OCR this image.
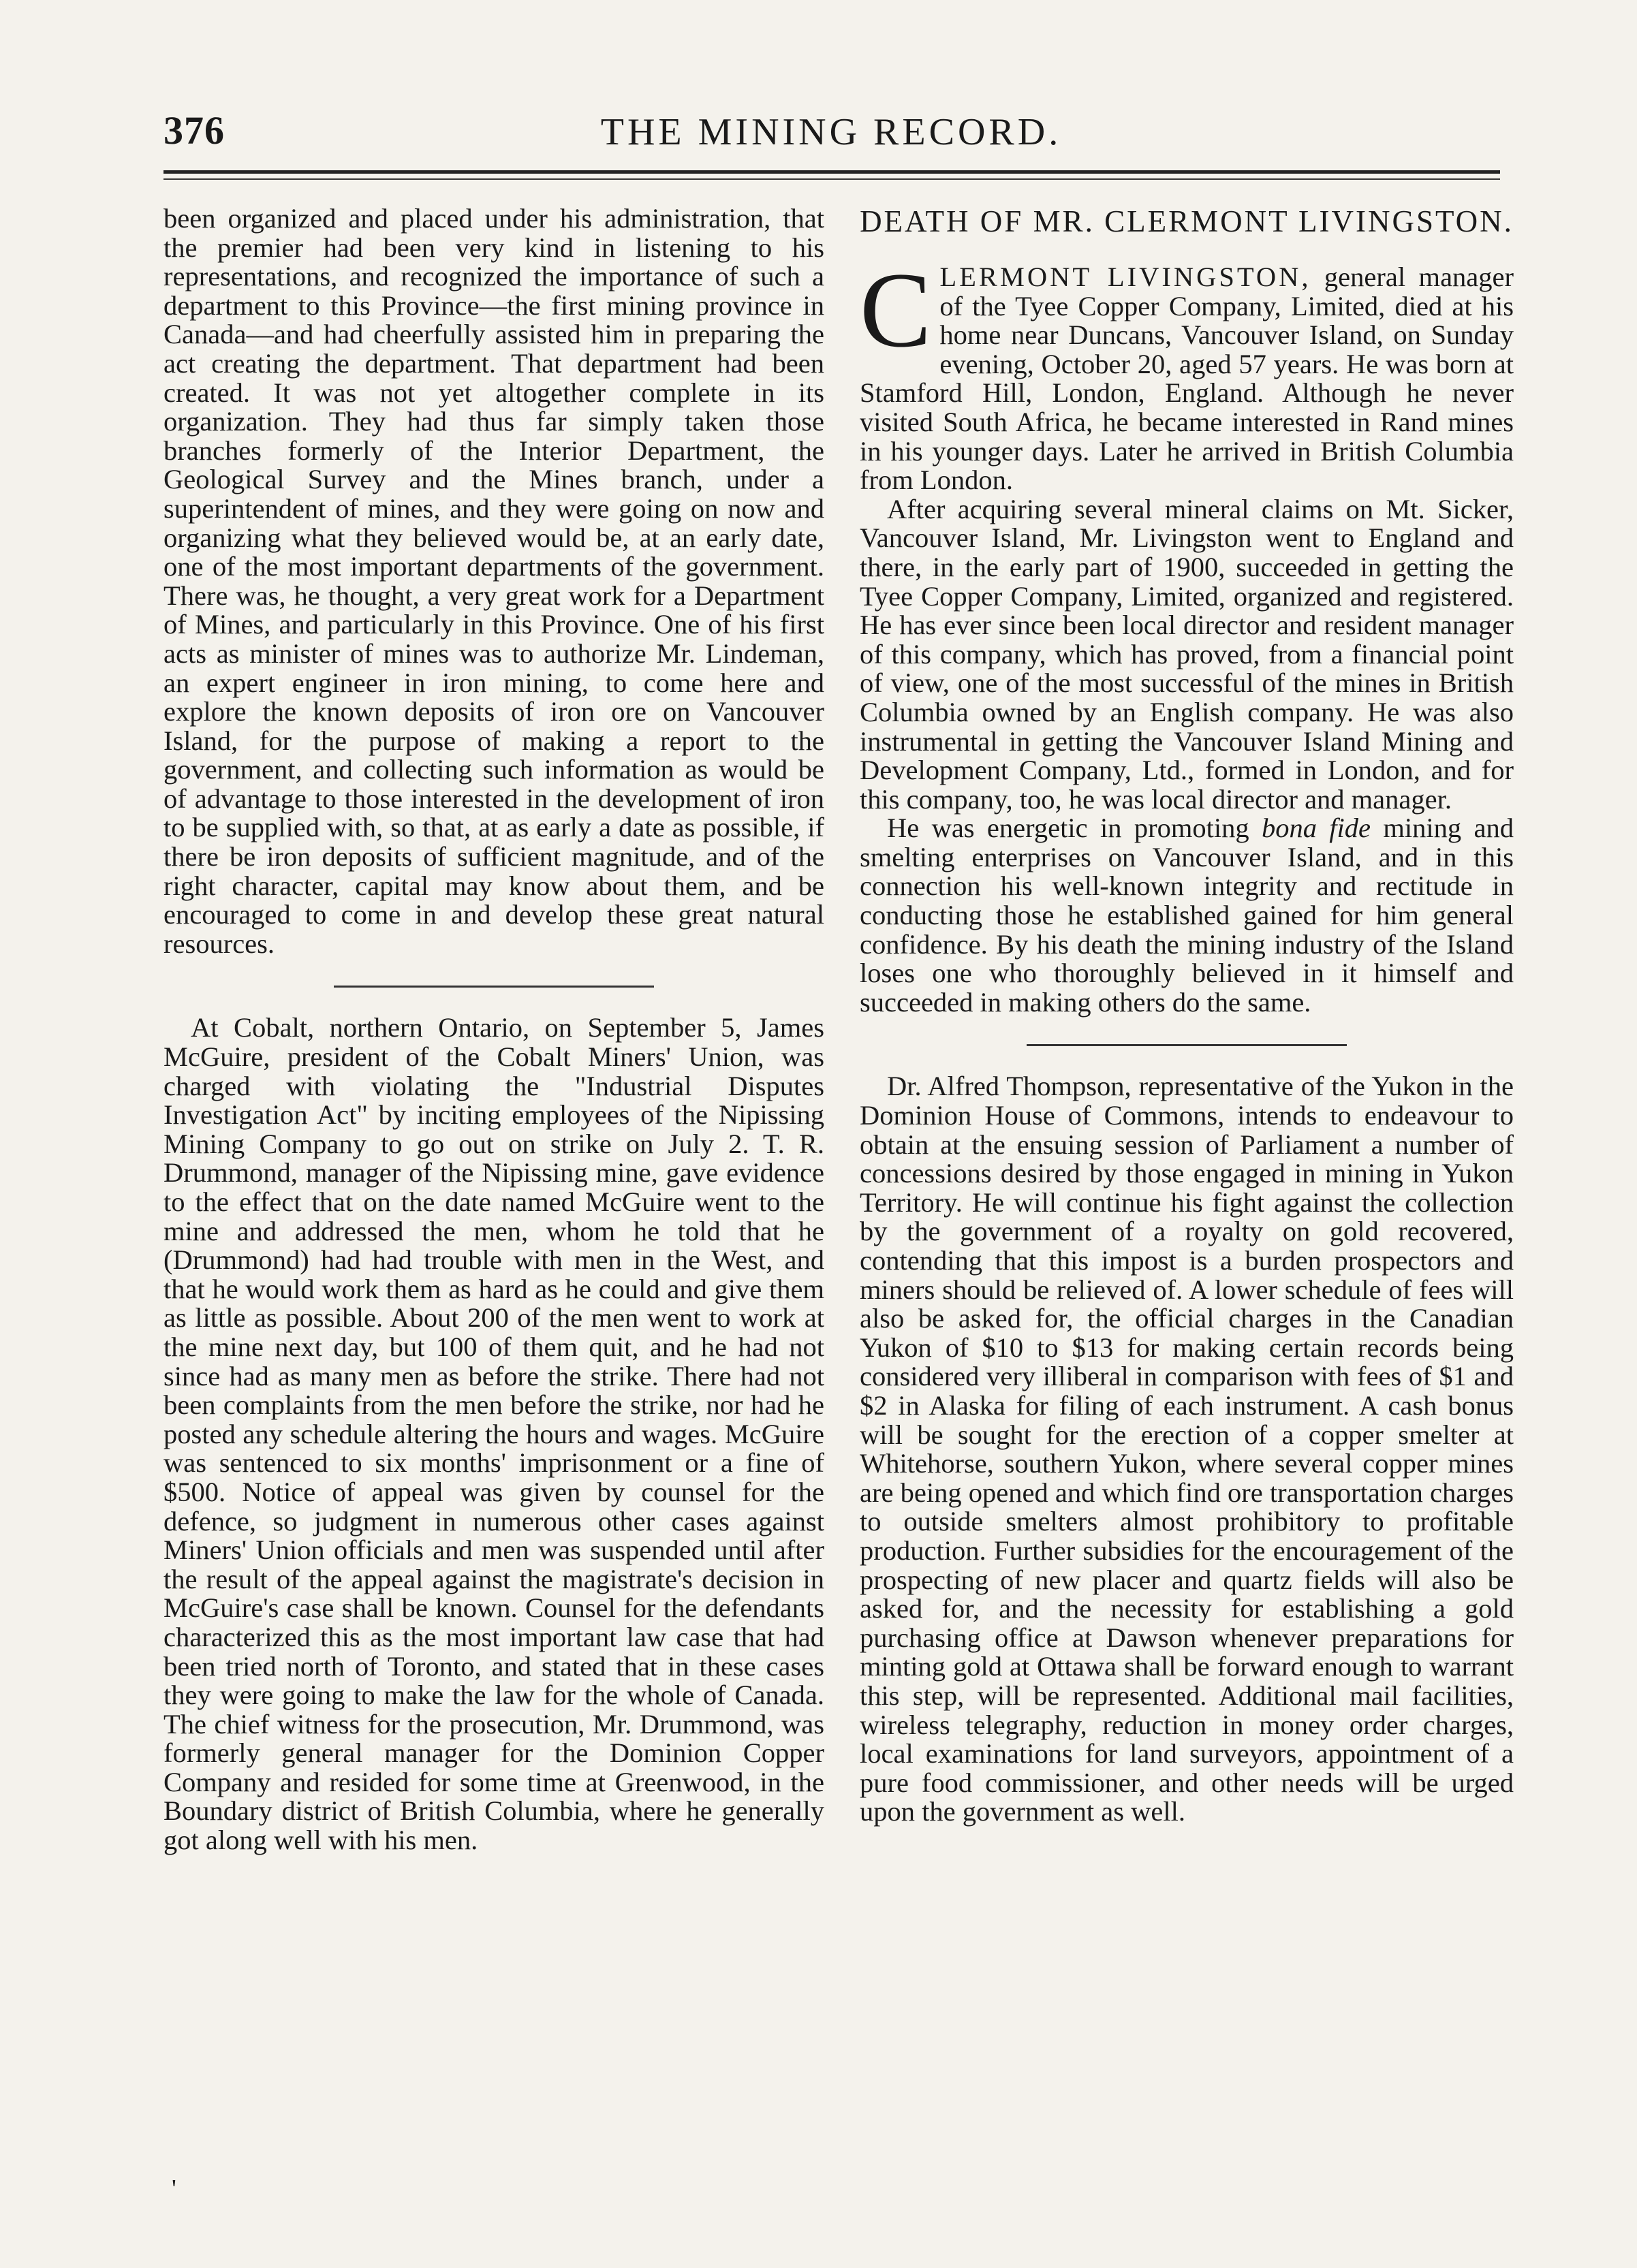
376	THE MINING RECORD.

been organized and placed under his administration, that the premier had been very kind in listening to his representations, and recognized the importance of such a department to this Province—the first mining province in Canada—and had cheerfully assisted him in preparing the act creating the department. That department had been created. It was not yet altogether complete in its organization. They had thus far simply taken those branches formerly of the Interior Department, the Geological Survey and the Mines branch, under a superintendent of mines, and they were going on now and organizing what they believed would be, at an early date, one of the most important departments of the government. There was, he thought, a very great work for a Department of Mines, and particularly in this Province. One of his first acts as minister of mines was to authorize Mr. Lindeman, an expert engineer in iron mining, to come here and explore the known deposits of iron ore on Vancouver Island, for the purpose of making a report to the government, and collecting such information as would be of advantage to those interested in the development of iron to be supplied with, so that, at as early a date as possible, if there be iron deposits of sufficient magnitude, and of the right character, capital may know about them, and be encouraged to come in and develop these great natural resources.

At Cobalt, northern Ontario, on September 5, James McGuire, president of the Cobalt Miners' Union, was charged with violating the "Industrial Disputes Investigation Act" by inciting employees of the Nipissing Mining Company to go out on strike on July 2. T. R. Drummond, manager of the Nipissing mine, gave evidence to the effect that on the date named McGuire went to the mine and addressed the men, whom he told that he (Drummond) had had trouble with men in the West, and that he would work them as hard as he could and give them as little as possible. About 200 of the men went to work at the mine next day, but 100 of them quit, and he had not since had as many men as before the strike. There had not been complaints from the men before the strike, nor had he posted any schedule altering the hours and wages. McGuire was sentenced to six months' imprisonment or a fine of $500. Notice of appeal was given by counsel for the defence, so judgment in numerous other cases against Miners' Union officials and men was suspended until after the result of the appeal against the magistrate's decision in McGuire's case shall be known. Counsel for the defendants characterized this as the most important law case that had been tried north of Toronto, and stated that in these cases they were going to make the law for the whole of Canada. The chief witness for the prosecution, Mr. Drummond, was formerly general manager for the Dominion Copper Company and resided for some time at Greenwood, in the Boundary district of British Columbia, where he generally got along well with his men.

DEATH OF MR. CLERMONT LIVINGSTON.

CLERMONT LIVINGSTON, general manager of the Tyee Copper Company, Limited, died at his home near Duncans, Vancouver Island, on Sunday evening, October 20, aged 57 years. He was born at Stamford Hill, London, England. Although he never visited South Africa, he became interested in Rand mines in his younger days. Later he arrived in British Columbia from London.

After acquiring several mineral claims on Mt. Sicker, Vancouver Island, Mr. Livingston went to England and there, in the early part of 1900, succeeded in getting the Tyee Copper Company, Limited, organized and registered. He has ever since been local director and resident manager of this company, which has proved, from a financial point of view, one of the most successful of the mines in British Columbia owned by an English company. He was also instrumental in getting the Vancouver Island Mining and Development Company, Ltd., formed in London, and for this company, too, he was local director and manager.

He was energetic in promoting bona fide mining and smelting enterprises on Vancouver Island, and in this connection his well-known integrity and rectitude in conducting those he established gained for him general confidence. By his death the mining industry of the Island loses one who thoroughly believed in it himself and succeeded in making others do the same.

Dr. Alfred Thompson, representative of the Yukon in the Dominion House of Commons, intends to endeavour to obtain at the ensuing session of Parliament a number of concessions desired by those engaged in mining in Yukon Territory. He will continue his fight against the collection by the government of a royalty on gold recovered, contending that this impost is a burden prospectors and miners should be relieved of. A lower schedule of fees will also be asked for, the official charges in the Canadian Yukon of $10 to $13 for making certain records being considered very illiberal in comparison with fees of $1 and $2 in Alaska for filing of each instrument. A cash bonus will be sought for the erection of a copper smelter at Whitehorse, southern Yukon, where several copper mines are being opened and which find ore transportation charges to outside smelters almost prohibitory to profitable production. Further subsidies for the encouragement of the prospecting of new placer and quartz fields will also be asked for, and the necessity for establishing a gold purchasing office at Dawson whenever preparations for minting gold at Ottawa shall be forward enough to warrant this step, will be represented. Additional mail facilities, wireless telegraphy, reduction in money order charges, local examinations for land surveyors, appointment of a pure food commissioner, and other needs will be urged upon the government as well.

'
